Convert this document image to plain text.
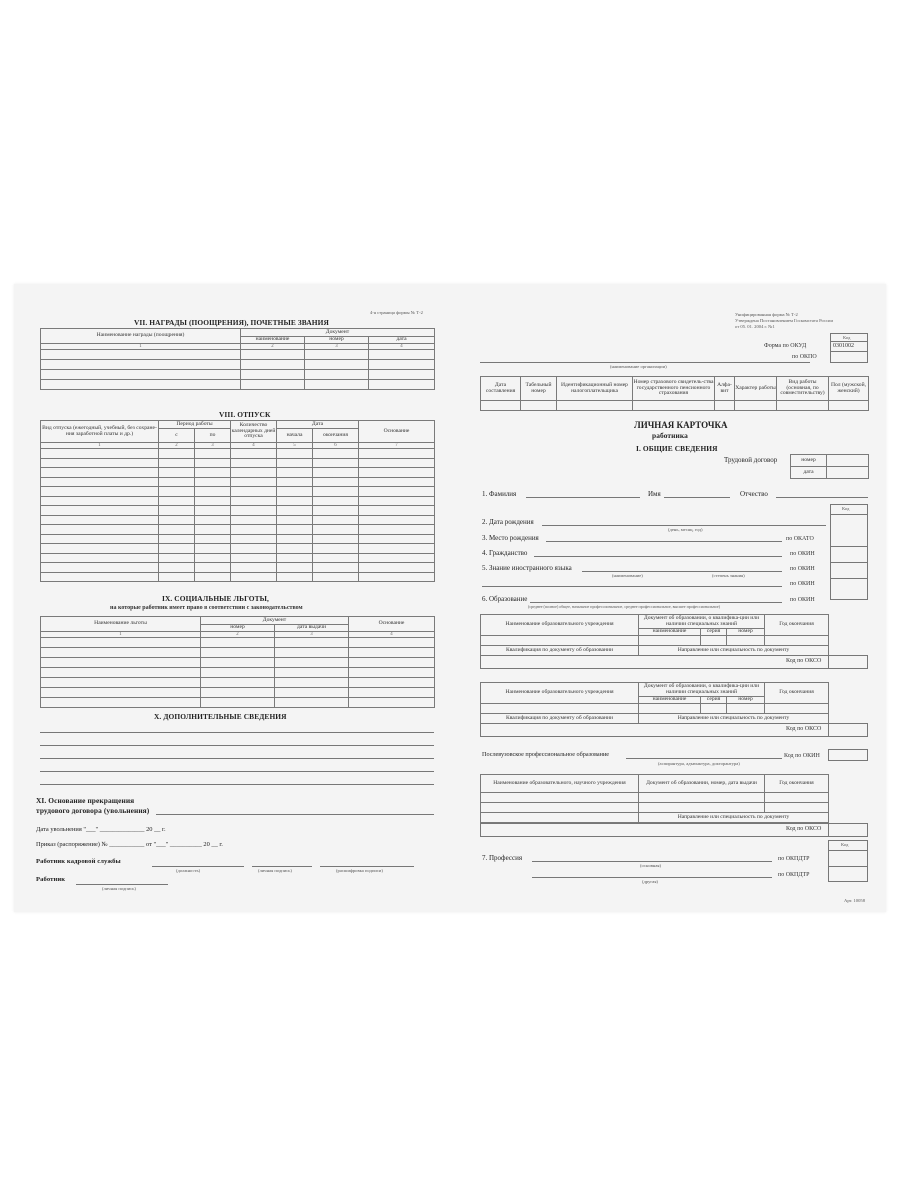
4-я страница формы № Т-2
VII. НАГРАДЫ (ПООЩРЕНИЯ), ПОЧЕТНЫЕ ЗВАНИЯ
Наименование награды (поощрения)	Документ		
	наименование	номер	дата
1	2	3	4

VIII. ОТПУСК
Вид отпуска (ежегодный, учебный, без сохране-ния заработной платы и др.)	Период работы		Количество календарных дней отпуска	Дата		Основание
	с	по		начала	окончания	
1	2	3	4	5	6	7

IX. СОЦИАЛЬНЫЕ ЛЬГОТЫ,
на которые работник имеет право в соответствии с законодательством
Наименование льготы	Документ		Основание
	номер	дата выдачи	
1	2	3	4

X. ДОПОЛНИТЕЛЬНЫЕ СВЕДЕНИЯ
XI. Основание прекращения
трудового договора (увольнения)
Дата увольнения "___" ______________ 20 __ г.
Приказ (распоряжение) № ___________ от "___" __________ 20 __ г.
Работник кадровой службы
(должность)	(личная подпись)	(расшифровка подписи)
Работник
(личная подпись)
Унифицированная форма № Т-2
Утверждена Постановлением Госкомстата России
от 05. 01. 2004 г. №1
Код
Форма по ОКУД	0301002
по ОКПО
(наименование организации)
Дата составления	Табельный номер	Идентификационный номер налогоплательщика	Номер страхового свидетель-ства государственного пенсионного страхования	Алфа-вит	Характер работы	Вид работы (основная, по совместительству)	Пол (мужской, женский)

ЛИЧНАЯ КАРТОЧКА
работника
I. ОБЩИЕ СВЕДЕНИЯ
Трудовой договор	номер	
дата	
1. Фамилия	Имя	Отчество
Код
2. Дата рождения
(день, месяц, год)
3. Место рождения	по ОКАТО
4. Гражданство	по ОКИН
5. Знание иностранного языка	по ОКИН
(наименование)	(степень знания)
по ОКИН
6. Образование	по ОКИН
(среднее (полное) общее, начальное профессиональное, среднее профессиональное, высшее профессиональное)
Наименование образовательного учреждения	Документ об образовании, о квалифика-ции или наличии специальных знаний			Год окончания
	наименование	серия	номер	

Квалификация по документу об образовании	Направление или специальность по документу			
Код по ОКСО
Наименование образовательного учреждения	Документ об образовании, о квалифика-ции или наличии специальных знаний			Год окончания
	наименование	серия	номер	

Квалификация по документу об образовании	Направление или специальность по документу			
Код по ОКСО
Послевузовское профессиональное образование	Код по ОКИН
(аспирантура, адъюнктура, докторантура)
Наименование образовательного, научного учреждения	Документ об образовании, номер, дата выдачи	Год окончания

	Направление или специальность по документу	
Код по ОКСО
Код
7. Профессия	по ОКПДТР
(основная)
по ОКПДТР
(другая)
Арт. 10058
